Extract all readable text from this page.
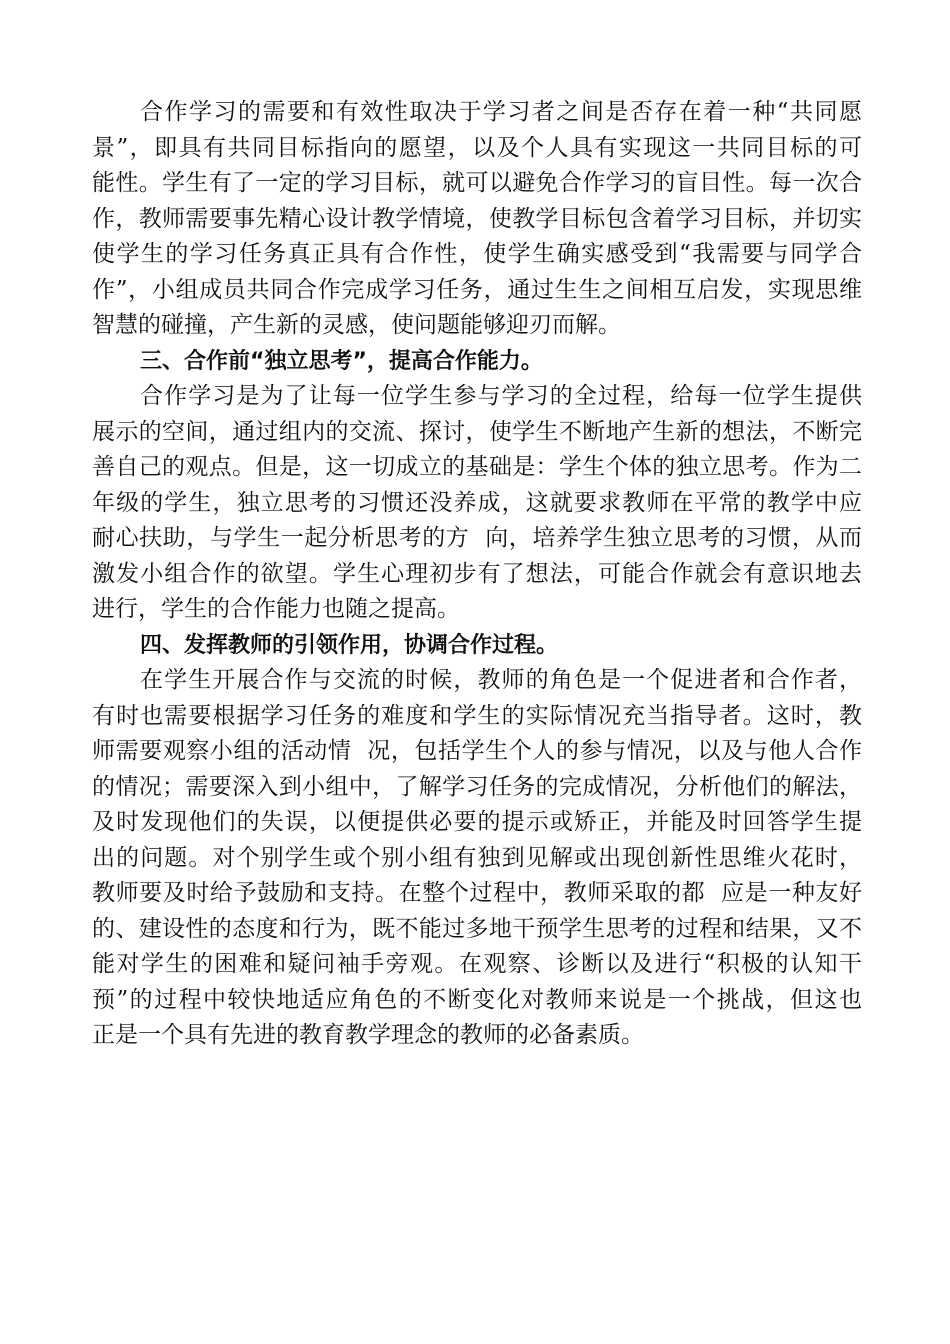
合作学习的需要和有效性取决于学习者之间是否存在着一种“共同愿
景”，即具有共同目标指向的愿望，以及个人具有实现这一共同目标的可
能性。学生有了一定的学习目标，就可以避免合作学习的盲目性。每一次合
作，教师需要事先精心设计教学情境，使教学目标包含着学习目标，并切实
使学生的学习任务真正具有合作性，使学生确实感受到“我需要与同学合
作”，小组成员共同合作完成学习任务，通过生生之间相互启发，实现思维
智慧的碰撞，产生新的灵感，使问题能够迎刃而解。
三、合作前“独立思考”，提高合作能力。
合作学习是为了让每一位学生参与学习的全过程，给每一位学生提供
展示的空间，通过组内的交流、探讨，使学生不断地产生新的想法，不断完
善自己的观点。但是，这一切成立的基础是：学生个体的独立思考。作为二
年级的学生，独立思考的习惯还没养成，这就要求教师在平常的教学中应
耐心扶助，与学生一起分析思考的方  向，培养学生独立思考的习惯，从而
激发小组合作的欲望。学生心理初步有了想法，可能合作就会有意识地去
进行，学生的合作能力也随之提高。
四、发挥教师的引领作用，协调合作过程。
在学生开展合作与交流的时候，教师的角色是一个促进者和合作者，
有时也需要根据学习任务的难度和学生的实际情况充当指导者。这时，教
师需要观察小组的活动情  况，包括学生个人的参与情况，以及与他人合作
的情况；需要深入到小组中，了解学习任务的完成情况，分析他们的解法，
及时发现他们的失误，以便提供必要的提示或矫正，并能及时回答学生提
出的问题。对个别学生或个别小组有独到见解或出现创新性思维火花时，
教师要及时给予鼓励和支持。在整个过程中，教师采取的都  应是一种友好
的、建设性的态度和行为，既不能过多地干预学生思考的过程和结果，又不
能对学生的困难和疑问袖手旁观。在观察、诊断以及进行“积极的认知干
预”的过程中较快地适应角色的不断变化对教师来说是一个挑战，但这也
正是一个具有先进的教育教学理念的教师的必备素质。
